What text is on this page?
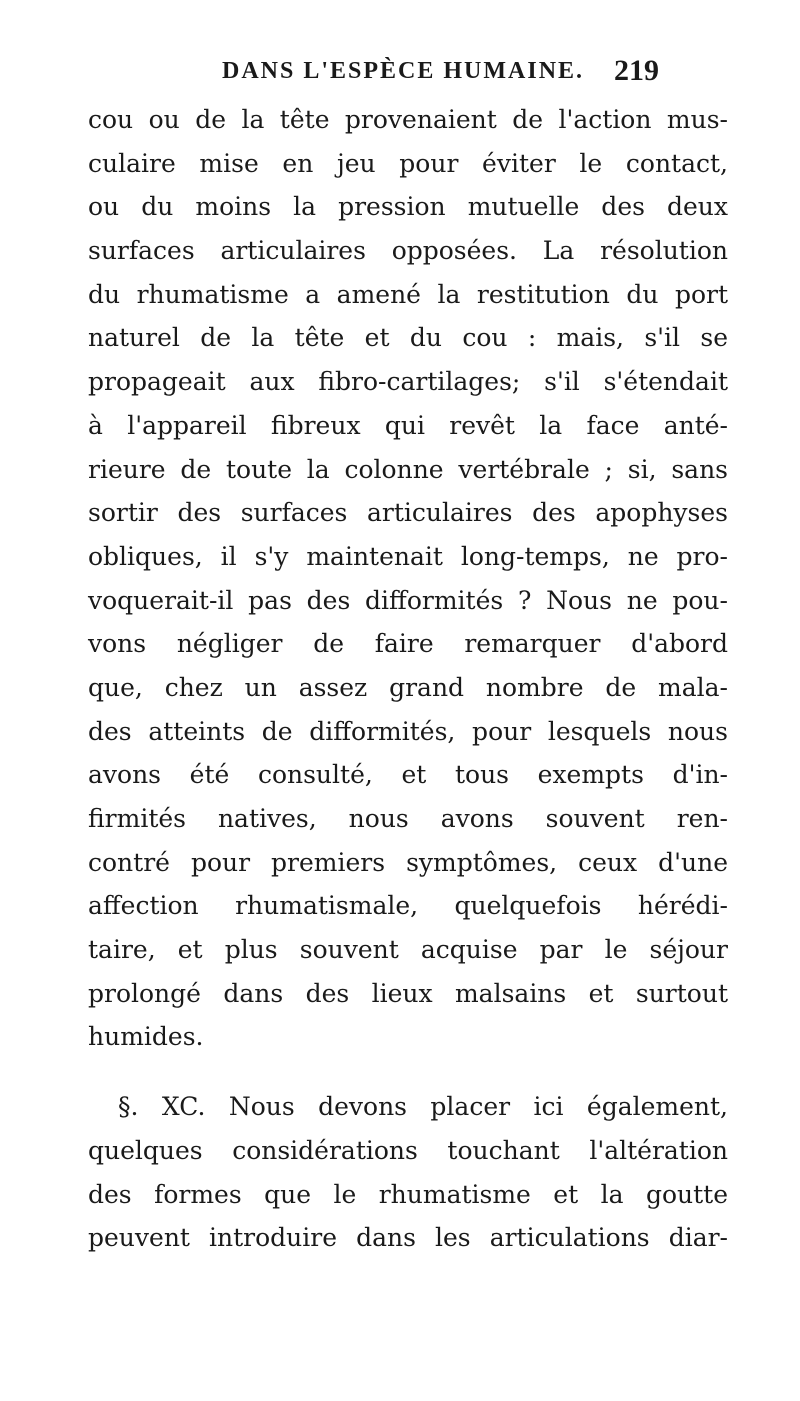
DANS L'ESPÈCE HUMAINE. 219
cou ou de la tête provenaient de l'action mus-
culaire mise en jeu pour éviter le contact,
ou du moins la pression mutuelle des deux
surfaces articulaires opposées. La résolution
du rhumatisme a amené la restitution du port
naturel de la tête et du cou : mais, s'il se
propageait aux fibro-cartilages; s'il s'étendait
à l'appareil fibreux qui revêt la face anté-
rieure de toute la colonne vertébrale ; si, sans
sortir des surfaces articulaires des apophyses
obliques, il s'y maintenait long-temps, ne pro-
voquerait-il pas des difformités ? Nous ne pou-
vons négliger de faire remarquer d'abord
que, chez un assez grand nombre de mala-
des atteints de difformités, pour lesquels nous
avons été consulté, et tous exempts d'in-
firmités natives, nous avons souvent ren-
contré pour premiers symptômes, ceux d'une
affection rhumatismale, quelquefois hérédi-
taire, et plus souvent acquise par le séjour
prolongé dans des lieux malsains et surtout
humides.
§. XC. Nous devons placer ici également,
quelques considérations touchant l'altération
des formes que le rhumatisme et la goutte
peuvent introduire dans les articulations diar-
